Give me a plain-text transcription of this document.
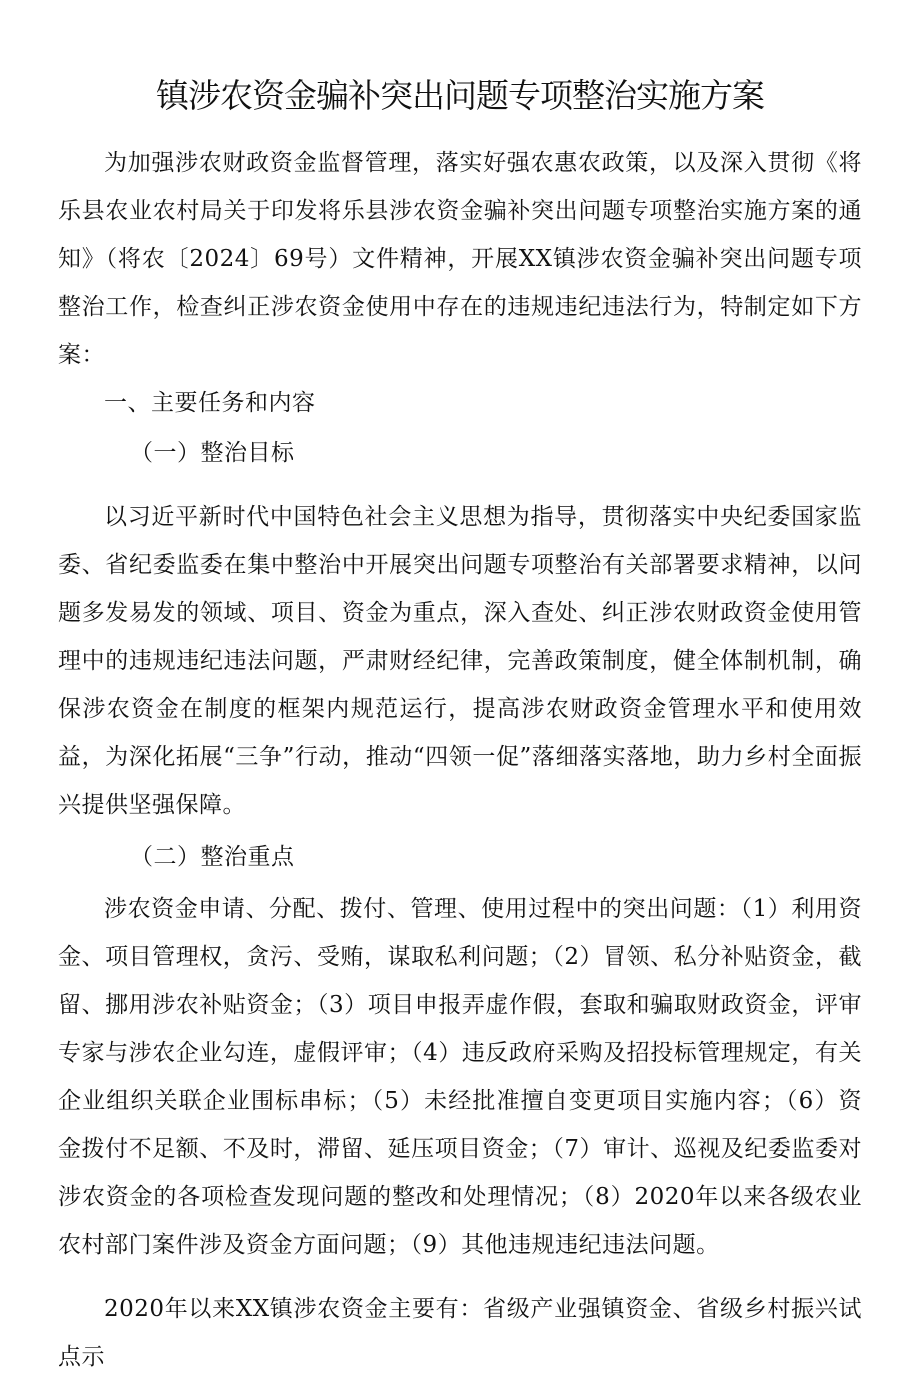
镇涉农资金骗补突出问题专项整治实施方案

为加强涉农财政资金监督管理，落实好强农惠农政策，以及深入贯彻《将乐县农业农村局关于印发将乐县涉农资金骗补突出问题专项整治实施方案的通知》（将农〔2024〕69号）文件精神，开展XX镇涉农资金骗补突出问题专项整治工作，检查纠正涉农资金使用中存在的违规违纪违法行为，特制定如下方案：

一、主要任务和内容

（一）整治目标

以习近平新时代中国特色社会主义思想为指导，贯彻落实中央纪委国家监委、省纪委监委在集中整治中开展突出问题专项整治有关部署要求精神，以问题多发易发的领域、项目、资金为重点，深入查处、纠正涉农财政资金使用管理中的违规违纪违法问题，严肃财经纪律，完善政策制度，健全体制机制，确保涉农资金在制度的框架内规范运行，提高涉农财政资金管理水平和使用效益，为深化拓展“三争”行动，推动“四领一促”落细落实落地，助力乡村全面振兴提供坚强保障。

（二）整治重点

涉农资金申请、分配、拨付、管理、使用过程中的突出问题：（1）利用资金、项目管理权，贪污、受贿，谋取私利问题；（2）冒领、私分补贴资金，截留、挪用涉农补贴资金；（3）项目申报弄虚作假，套取和骗取财政资金，评审专家与涉农企业勾连，虚假评审；（4）违反政府采购及招投标管理规定，有关企业组织关联企业围标串标；（5）未经批准擅自变更项目实施内容；（6）资金拨付不足额、不及时，滞留、延压项目资金；（7）审计、巡视及纪委监委对涉农资金的各项检查发现问题的整改和处理情况；（8）2020年以来各级农业农村部门案件涉及资金方面问题；（9）其他违规违纪违法问题。

2020年以来XX镇涉农资金主要有：省级产业强镇资金、省级乡村振兴试点示
